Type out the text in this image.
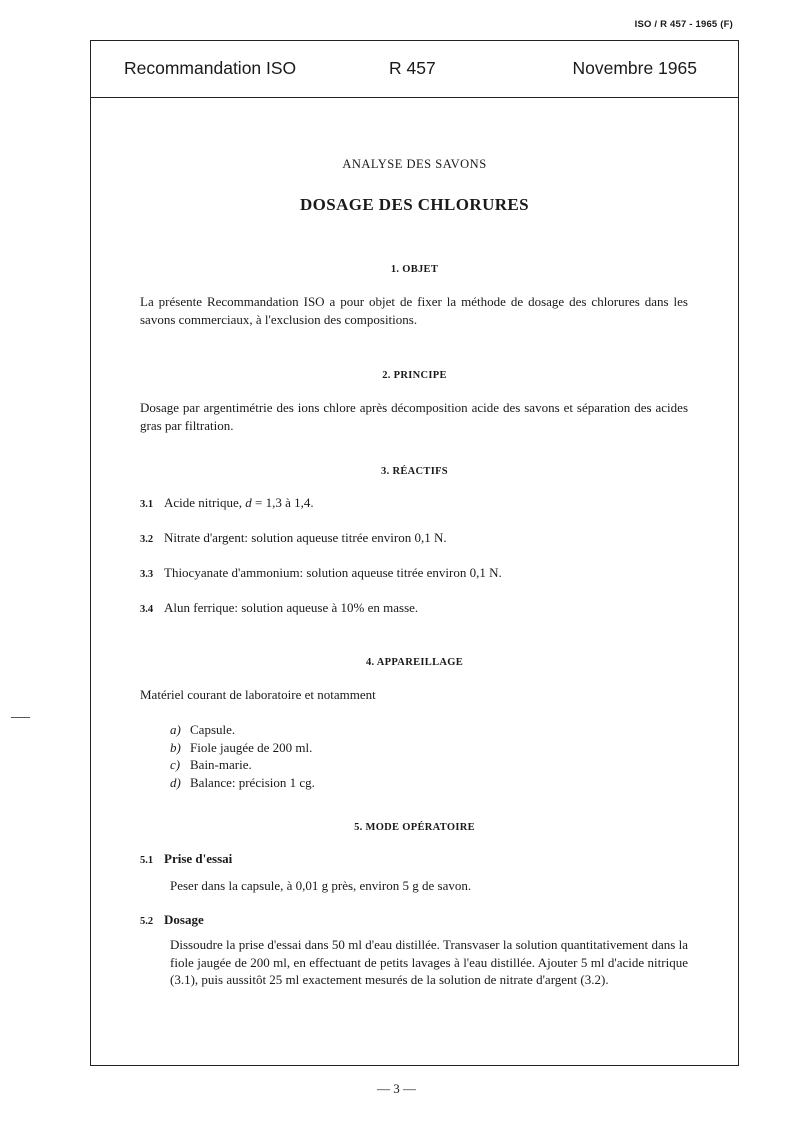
ISO / R 457 - 1965 (F)
Recommandation ISO	R 457	Novembre 1965
ANALYSE DES SAVONS
DOSAGE DES CHLORURES
1. OBJET
La présente Recommandation ISO a pour objet de fixer la méthode de dosage des chlorures dans les savons commerciaux, à l'exclusion des compositions.
2. PRINCIPE
Dosage par argentimétrie des ions chlore après décomposition acide des savons et séparation des acides gras par filtration.
3. RÉACTIFS
3.1 Acide nitrique, d = 1,3 à 1,4.
3.2 Nitrate d'argent: solution aqueuse titrée environ 0,1 N.
3.3 Thiocyanate d'ammonium: solution aqueuse titrée environ 0,1 N.
3.4 Alun ferrique: solution aqueuse à 10% en masse.
4. APPAREILLAGE
Matériel courant de laboratoire et notamment
a) Capsule.
b) Fiole jaugée de 200 ml.
c) Bain-marie.
d) Balance: précision 1 cg.
5. MODE OPÉRATOIRE
5.1 Prise d'essai
Peser dans la capsule, à 0,01 g près, environ 5 g de savon.
5.2 Dosage
Dissoudre la prise d'essai dans 50 ml d'eau distillée. Transvaser la solution quantitativement dans la fiole jaugée de 200 ml, en effectuant de petits lavages à l'eau distillée. Ajouter 5 ml d'acide nitrique (3.1), puis aussitôt 25 ml exactement mesurés de la solution de nitrate d'argent (3.2).
— 3 —
